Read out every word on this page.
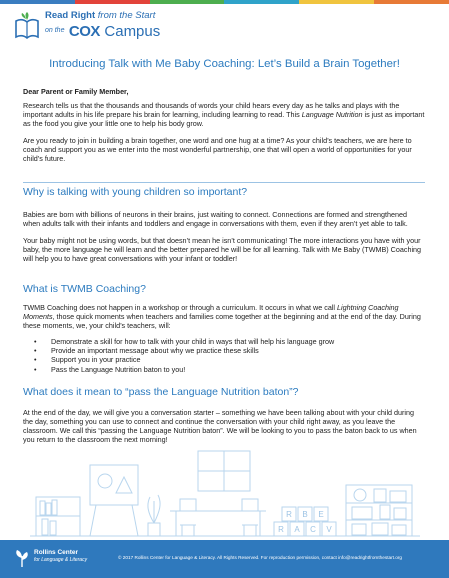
Read Right from the Start
$^{on the}$ COX Campus
Introducing Talk with Me Baby Coaching: Let’s Build a Brain Together!

Dear Parent or Family Member,

Research tells us that the thousands and thousands of words your child hears every day as he talks and plays with the important adults in his life prepare his brain for learning, including learning to read. This Language Nutrition is just as important as the food you give your little one to help his body grow.

Are you ready to join in building a brain together, one word and one hug at a time? As your child’s teachers, we are here to coach and support you as we enter into the most wonderful partnership, one that will open a world of opportunities for your child’s future.

Why is talking with young children so important?

Babies are born with billions of neurons in their brains, just waiting to connect. Connections are formed and strengthened when adults talk with their infants and toddlers and engage in conversations with them, even if they aren’t yet able to talk.

Your baby might not be using words, but that doesn’t mean he isn’t communicating! The more interactions you have with your baby, the more language he will learn and the better prepared he will be for all learning. Talk with Me Baby (TWMB) Coaching will help you to have great conversations with your infant or toddler!

What is TWMB Coaching?

TWMB Coaching does not happen in a workshop or through a curriculum. It occurs in what we call Lightning Coaching Moments, those quick moments when teachers and families come together at the beginning and at the end of the day. During these moments, we, your child’s teachers, will:

• Demonstrate a skill for how to talk with your child in ways that will help his language grow
• Provide an important message about why we practice these skills
• Support you in your practice
• Pass the Language Nutrition baton to you!
What does it mean to “pass the Language Nutrition baton”?

At the end of the day, we will give you a conversation starter – something we have been talking about with your child during the day, something you can use to connect and continue the conversation with your child right away, as you leave the classroom. We call this “passing the Language Nutrition baton”. We will be looking to you to pass the baton back to us when you return to the classroom the next morning!

R B E
R A C V
Rollins Center
for Language & Literacy	© 2017 Rollins Center for Language & Literacy. All Rights Reserved. For reproduction permission, contact info@readrightfromthestart.org
